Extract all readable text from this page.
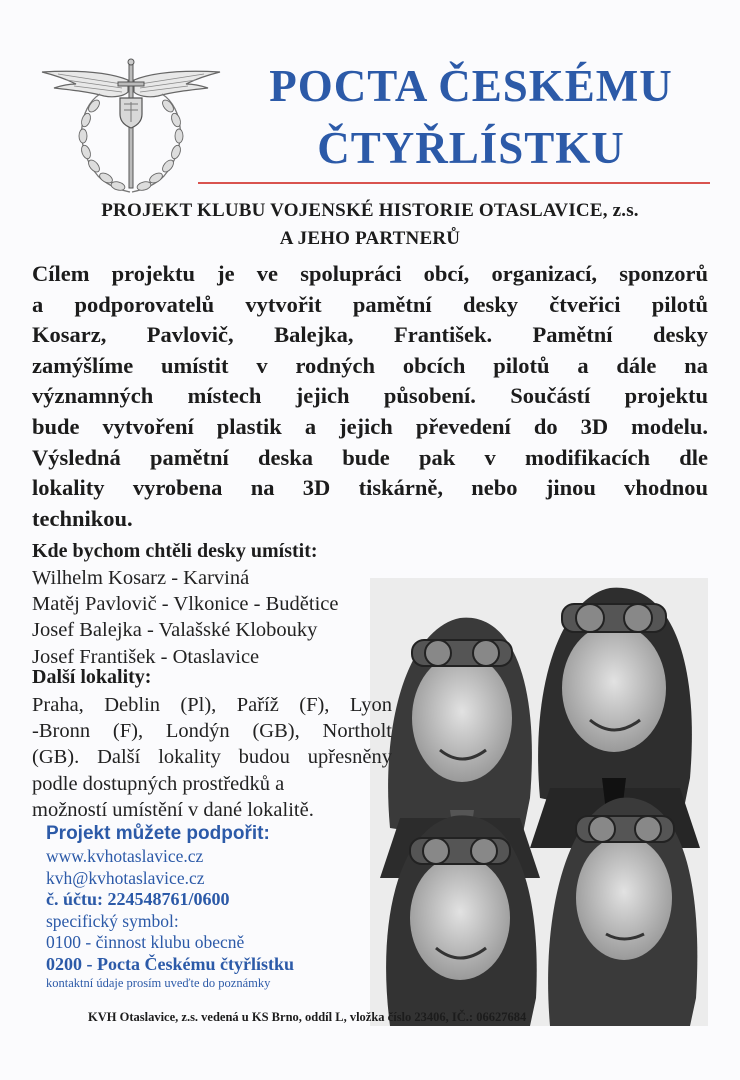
POCTA ČESKÉMU
ČTYŘLÍSTKU
PROJEKT KLUBU VOJENSKÉ HISTORIE OTASLAVICE, z.s.
A JEHO PARTNERŮ
Cílem projektu je ve spolupráci obcí, organizací, sponzorů
a podporovatelů vytvořit pamětní desky čtveřici pilotů
Kosarz, Pavlovič, Balejka, František. Pamětní desky
zamýšlíme umístit v rodných obcích pilotů a dále na
významných místech jejich působení. Součástí projektu
bude vytvoření plastik a jejich převedení do 3D modelu.
Výsledná pamětní deska bude pak v modifikacích dle
lokality vyrobena na 3D tiskárně, nebo jinou vhodnou
technikou.
Kde bychom chtěli desky umístit:
Wilhelm Kosarz - Karviná
Matěj Pavlovič - Vlkonice - Budětice
Josef Balejka - Valašské Klobouky
Josef František - Otaslavice
Další lokality:
Praha, Deblin (Pl), Paříž (F), Lyon
-Bronn (F), Londýn (GB), Northolt
(GB). Další lokality budou upřesněny
podle dostupných prostředků a
možností umístění v dané lokalitě.
Projekt můžete podpořit:
www.kvhotaslavice.cz
kvh@kvhotaslavice.cz
č. účtu: 224548761/0600
specifický symbol:
0100 - činnost klubu obecně
0200 - Pocta Českému čtyřlístku
kontaktní údaje prosím uveďte do poznámky
KVH Otaslavice, z.s. vedená u KS Brno, oddíl L, vložka číslo 23406, IČ.: 06627684
